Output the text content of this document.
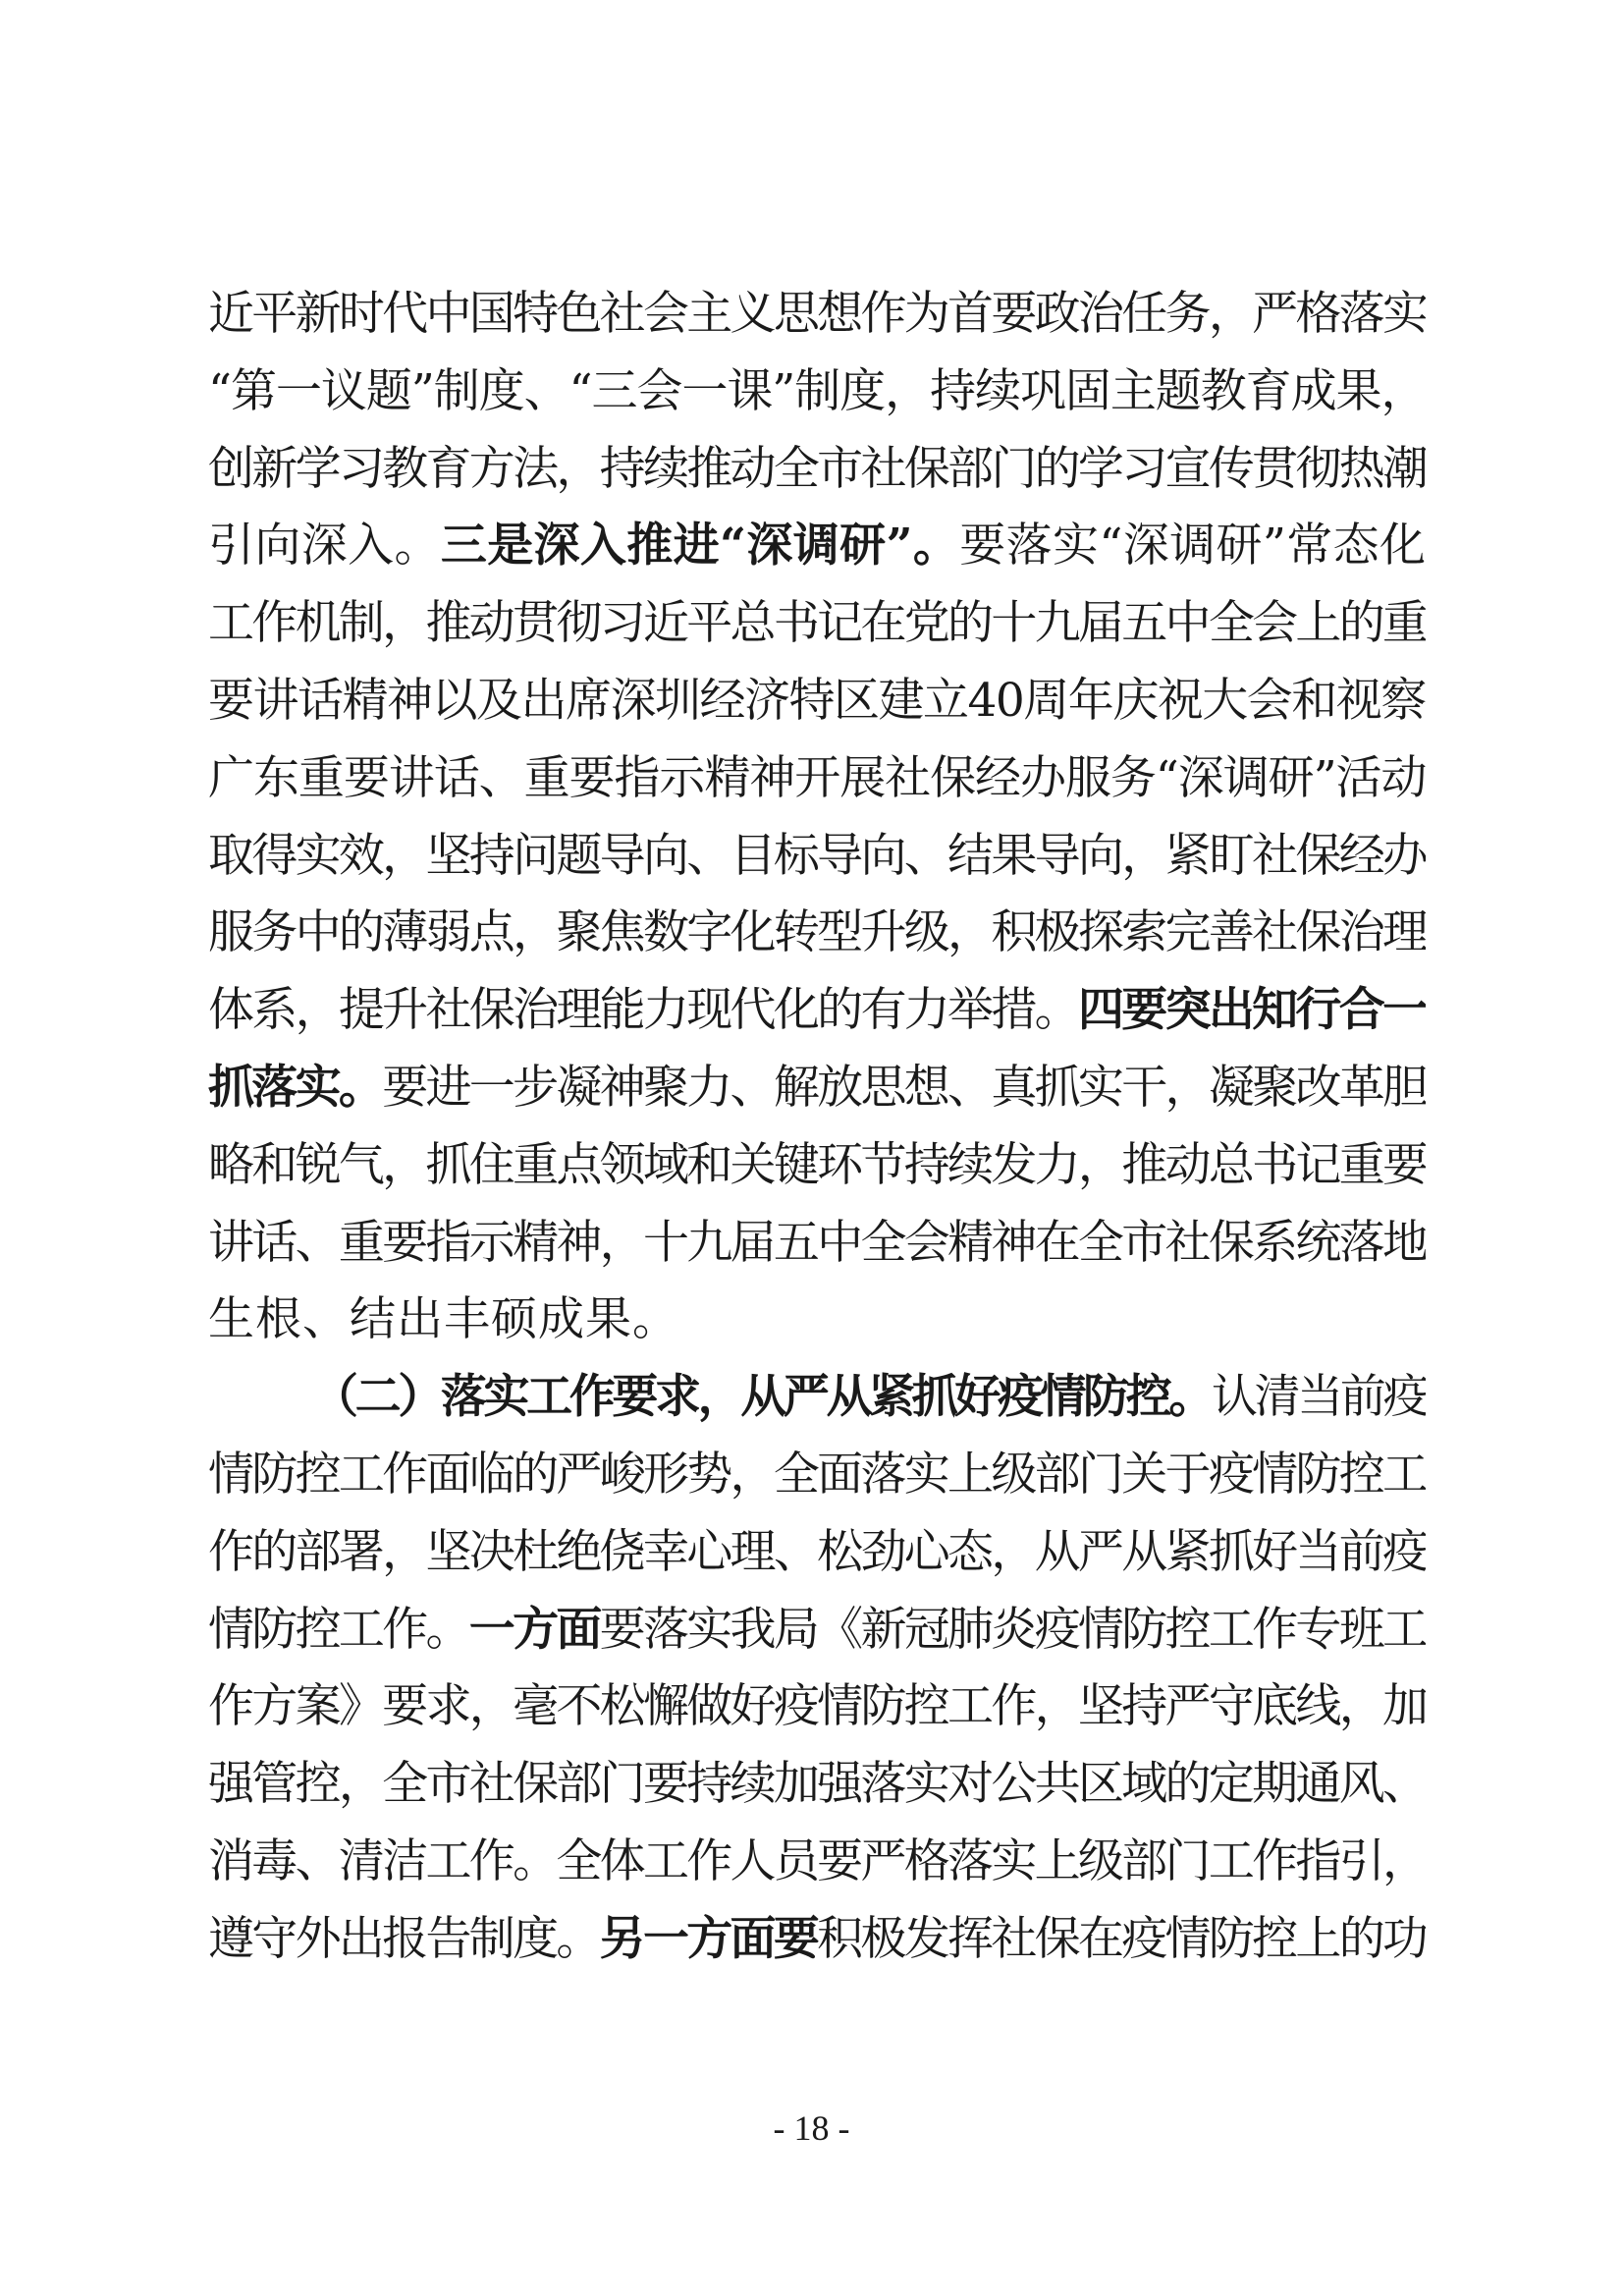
近平新时代中国特色社会主义思想作为首要政治任务，严格落实
“第一议题”制度、“三会一课”制度，持续巩固主题教育成果，
创新学习教育方法，持续推动全市社保部门的学习宣传贯彻热潮
引向深入。三是深入推进“深调研”。要落实“深调研”常态化
工作机制，推动贯彻习近平总书记在党的十九届五中全会上的重
要讲话精神以及出席深圳经济特区建立40周年庆祝大会和视察
广东重要讲话、重要指示精神开展社保经办服务“深调研”活动
取得实效，坚持问题导向、目标导向、结果导向，紧盯社保经办
服务中的薄弱点，聚焦数字化转型升级，积极探索完善社保治理
体系，提升社保治理能力现代化的有力举措。四要突出知行合一
抓落实。要进一步凝神聚力、解放思想、真抓实干，凝聚改革胆
略和锐气，抓住重点领域和关键环节持续发力，推动总书记重要
讲话、重要指示精神，十九届五中全会精神在全市社保系统落地
生根、结出丰硕成果。
（二）落实工作要求，从严从紧抓好疫情防控。认清当前疫
情防控工作面临的严峻形势，全面落实上级部门关于疫情防控工
作的部署，坚决杜绝侥幸心理、松劲心态，从严从紧抓好当前疫
情防控工作。一方面要落实我局《新冠肺炎疫情防控工作专班工
作方案》要求，毫不松懈做好疫情防控工作，坚持严守底线，加
强管控，全市社保部门要持续加强落实对公共区域的定期通风、
消毒、清洁工作。全体工作人员要严格落实上级部门工作指引，
遵守外出报告制度。另一方面要积极发挥社保在疫情防控上的功
- 18 -
